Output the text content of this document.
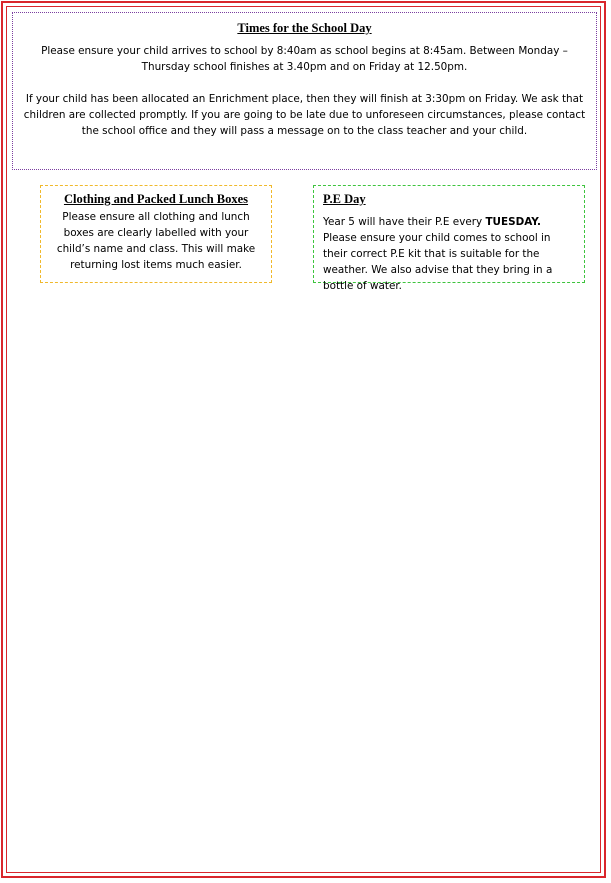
Times for the School Day
Please ensure your child arrives to school by 8:40am as school begins at 8:45am. Between Monday – Thursday school finishes at 3.40pm and on Friday at 12.50pm.
If your child has been allocated an Enrichment place, then they will finish at 3:30pm on Friday. We ask that children are collected promptly. If you are going to be late due to unforeseen circumstances, please contact the school office and they will pass a message on to the class teacher and your child.
Clothing and Packed Lunch Boxes
Please ensure all clothing and lunch boxes are clearly labelled with your child’s name and class. This will make returning lost items much easier.
P.E Day
Year 5 will have their P.E every TUESDAY. Please ensure your child comes to school in their correct P.E kit that is suitable for the weather. We also advise that they bring in a bottle of water.
